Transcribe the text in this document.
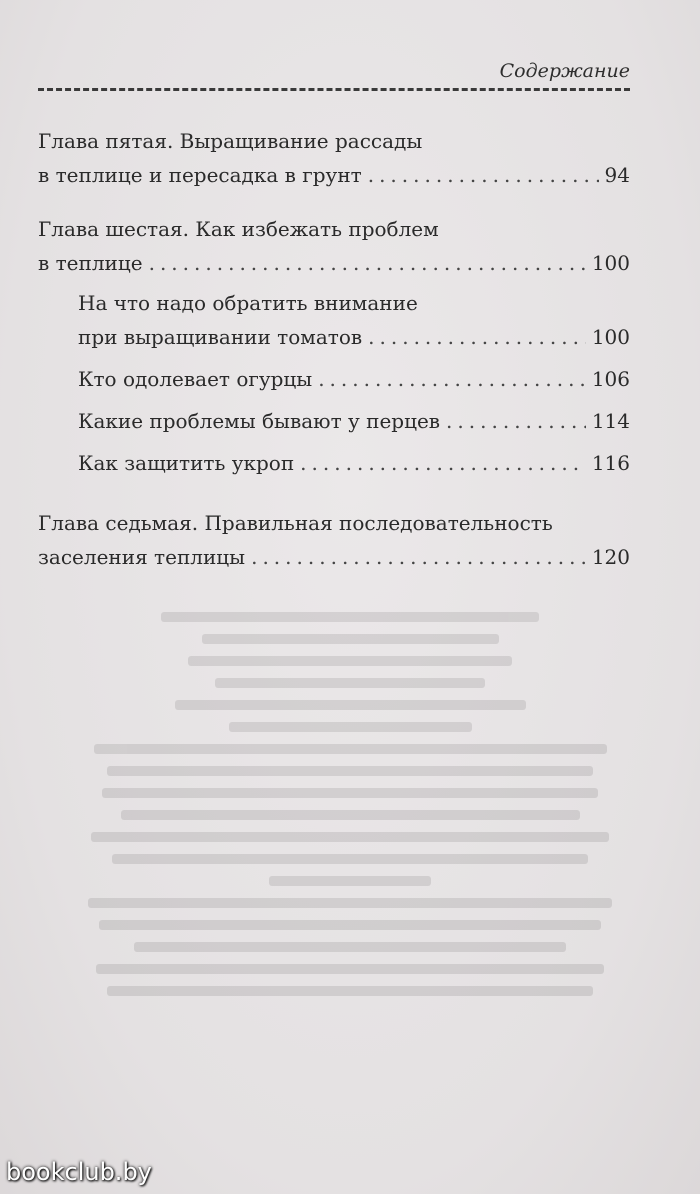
Содержание
Глава пятая. Выращивание рассады
в теплице и пересадка в грунт .....	94
Глава шестая. Как избежать проблем
в теплице .....	100
На что надо обратить внимание
при выращивании томатов .....	100
Кто одолевает огурцы .....	106
Какие проблемы бывают у перцев .....	114
Как защитить укроп .....	116
Глава седьмая. Правильная последовательность
заселения теплицы .....	120
bookclub.by
